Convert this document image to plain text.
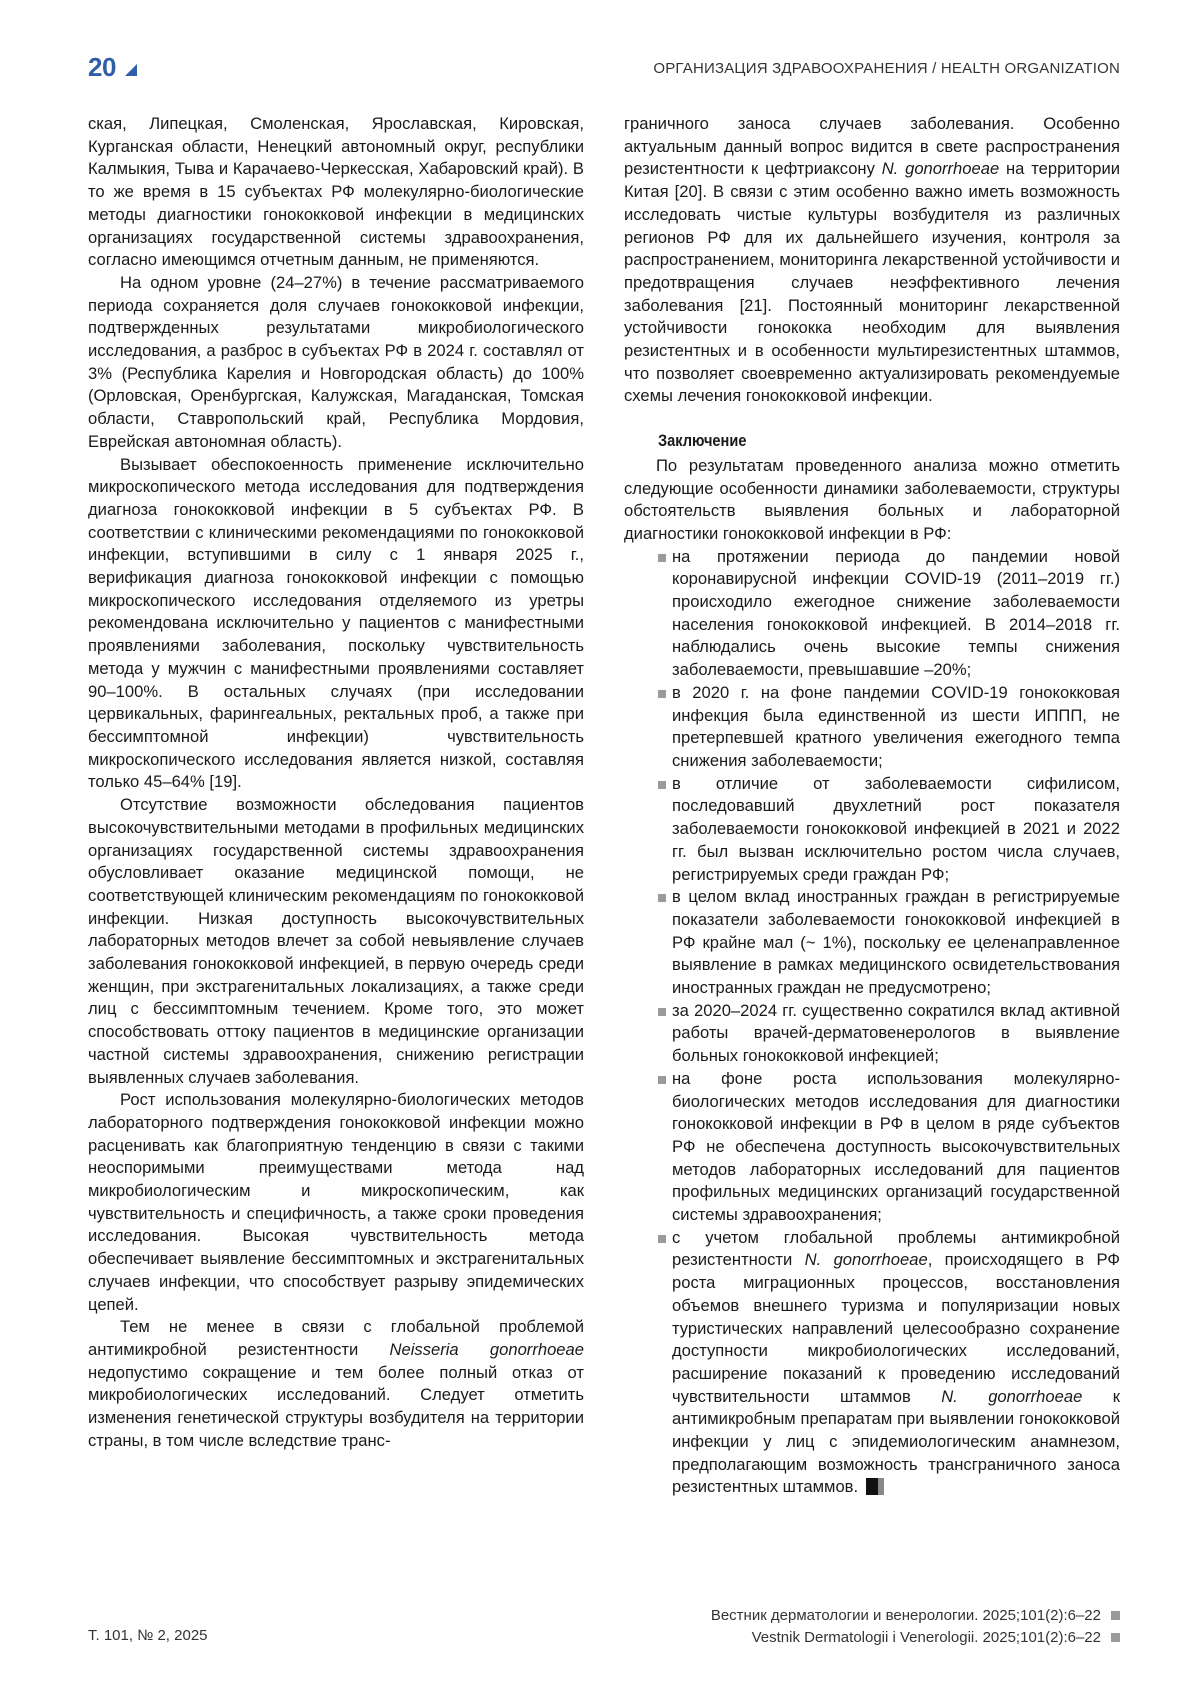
20	ОРГАНИЗАЦИЯ ЗДРАВООХРАНЕНИЯ / HEALTH ORGANIZATION

ская, Липецкая, Смоленская, Ярославская, Кировская, Курганская области, Ненецкий автономный округ, республики Калмыкия, Тыва и Карачаево-Черкесская, Хабаровский край). В то же время в 15 субъектах РФ молекулярно-биологические методы диагностики гонококковой инфекции в медицинских организациях государственной системы здравоохранения, согласно имеющимся отчетным данным, не применяются.

На одном уровне (24–27%) в течение рассматриваемого периода сохраняется доля случаев гонококковой инфекции, подтвержденных результатами микробиологического исследования, а разброс в субъектах РФ в 2024 г. составлял от 3% (Республика Карелия и Новгородская область) до 100% (Орловская, Оренбургская, Калужская, Магаданская, Томская области, Ставропольский край, Республика Мордовия, Еврейская автономная область).

Вызывает обеспокоенность применение исключительно микроскопического метода исследования для подтверждения диагноза гонококковой инфекции в 5 субъектах РФ. В соответствии с клиническими рекомендациями по гонококковой инфекции, вступившими в силу с 1 января 2025 г., верификация диагноза гонококковой инфекции с помощью микроскопического исследования отделяемого из уретры рекомендована исключительно у пациентов с манифестными проявлениями заболевания, поскольку чувствительность метода у мужчин с манифестными проявлениями составляет 90–100%. В остальных случаях (при исследовании цервикальных, фарингеальных, ректальных проб, а также при бессимптомной инфекции) чувствительность микроскопического исследования является низкой, составляя только 45–64% [19].

Отсутствие возможности обследования пациентов высокочувствительными методами в профильных медицинских организациях государственной системы здравоохранения обусловливает оказание медицинской помощи, не соответствующей клиническим рекомендациям по гонококковой инфекции. Низкая доступность высокочувствительных лабораторных методов влечет за собой невыявление случаев заболевания гонококковой инфекцией, в первую очередь среди женщин, при экстрагенитальных локализациях, а также среди лиц с бессимптомным течением. Кроме того, это может способствовать оттоку пациентов в медицинские организации частной системы здравоохранения, снижению регистрации выявленных случаев заболевания.

Рост использования молекулярно-биологических методов лабораторного подтверждения гонококковой инфекции можно расценивать как благоприятную тенденцию в связи с такими неоспоримыми преимуществами метода над микробиологическим и микроскопическим, как чувствительность и специфичность, а также сроки проведения исследования. Высокая чувствительность метода обеспечивает выявление бессимптомных и экстрагенитальных случаев инфекции, что способствует разрыву эпидемических цепей.

Тем не менее в связи с глобальной проблемой антимикробной резистентности Neisseria gonorrhoeae недопустимо сокращение и тем более полный отказ от микробиологических исследований. Следует отметить изменения генетической структуры возбудителя на территории страны, в том числе вследствие транс-

граничного заноса случаев заболевания. Особенно актуальным данный вопрос видится в свете распространения резистентности к цефтриаксону N. gonorrhoeae на территории Китая [20]. В связи с этим особенно важно иметь возможность исследовать чистые культуры возбудителя из различных регионов РФ для их дальнейшего изучения, контроля за распространением, мониторинга лекарственной устойчивости и предотвращения случаев неэффективного лечения заболевания [21]. Постоянный мониторинг лекарственной устойчивости гонококка необходим для выявления резистентных и в особенности мультирезистентных штаммов, что позволяет своевременно актуализировать рекомендуемые схемы лечения гонококковой инфекции.

Заключение

По результатам проведенного анализа можно отметить следующие особенности динамики заболеваемости, структуры обстоятельств выявления больных и лабораторной диагностики гонококковой инфекции в РФ:

на протяжении периода до пандемии новой коронавирусной инфекции COVID-19 (2011–2019 гг.) происходило ежегодное снижение заболеваемости населения гонококковой инфекцией. В 2014–2018 гг. наблюдались очень высокие темпы снижения заболеваемости, превышавшие –20%;
в 2020 г. на фоне пандемии COVID-19 гонококковая инфекция была единственной из шести ИППП, не претерпевшей кратного увеличения ежегодного темпа снижения заболеваемости;
в отличие от заболеваемости сифилисом, последовавший двухлетний рост показателя заболеваемости гонококковой инфекцией в 2021 и 2022 гг. был вызван исключительно ростом числа случаев, регистрируемых среди граждан РФ;
в целом вклад иностранных граждан в регистрируемые показатели заболеваемости гонококковой инфекцией в РФ крайне мал (~ 1%), поскольку ее целенаправленное выявление в рамках медицинского освидетельствования иностранных граждан не предусмотрено;
за 2020–2024 гг. существенно сократился вклад активной работы врачей-дерматовенерологов в выявление больных гонококковой инфекцией;
на фоне роста использования молекулярно-биологических методов исследования для диагностики гонококковой инфекции в РФ в целом в ряде субъектов РФ не обеспечена доступность высокочувствительных методов лабораторных исследований для пациентов профильных медицинских организаций государственной системы здравоохранения;
с учетом глобальной проблемы антимикробной резистентности N. gonorrhoeae, происходящего в РФ роста миграционных процессов, восстановления объемов внешнего туризма и популяризации новых туристических направлений целесообразно сохранение доступности микробиологических исследований, расширение показаний к проведению исследований чувствительности штаммов N. gonorrhoeae к антимикробным препаратам при выявлении гонококковой инфекции у лиц с эпидемиологическим анамнезом, предполагающим возможность трансграничного заноса резистентных штаммов.
Т. 101, № 2, 2025
Вестник дерматологии и венерологии. 2025;101(2):6–22
Vestnik Dermatologii i Venerologii. 2025;101(2):6–22
